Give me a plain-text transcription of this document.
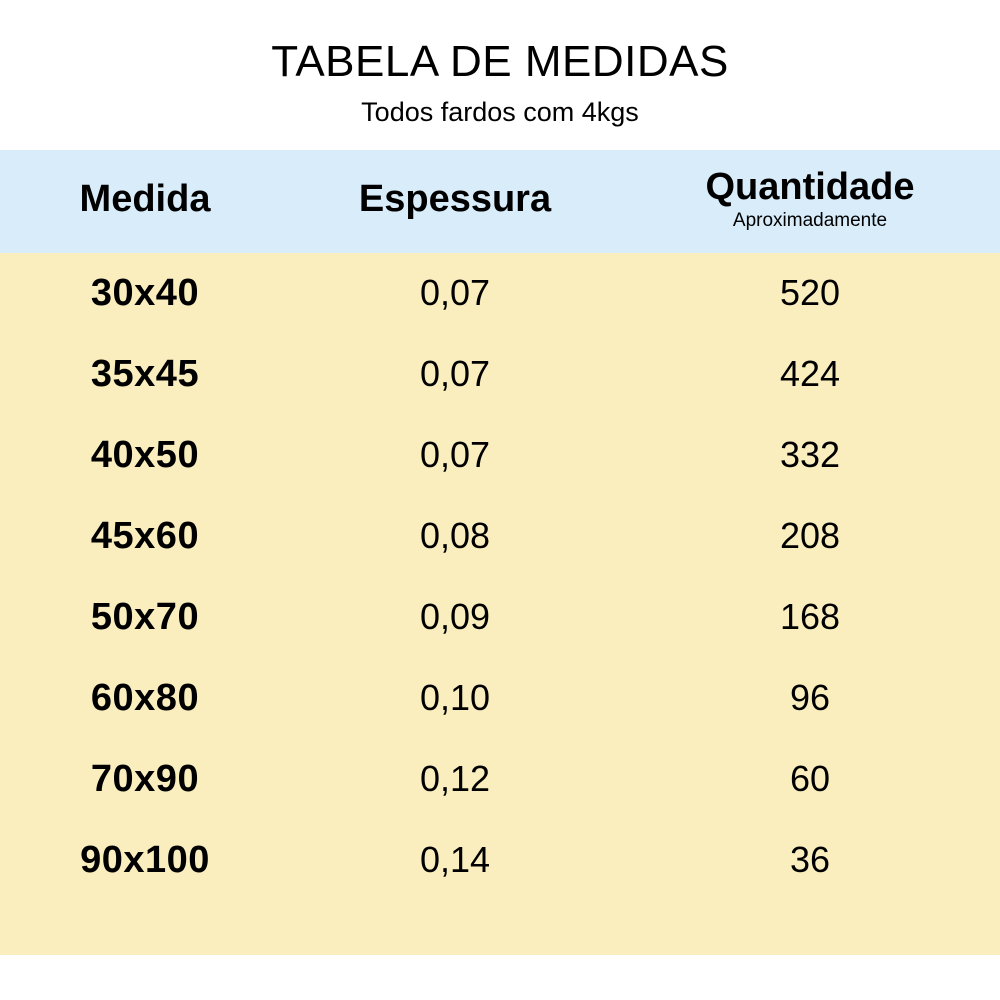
TABELA DE MEDIDAS
Todos fardos com 4kgs
Medida	Espessura	Quantidade
Aproximadamente

30x40	0,07	520
35x45	0,07	424
40x50	0,07	332
45x60	0,08	208
50x70	0,09	168
60x80	0,10	96
70x90	0,12	60
90x100	0,14	36
